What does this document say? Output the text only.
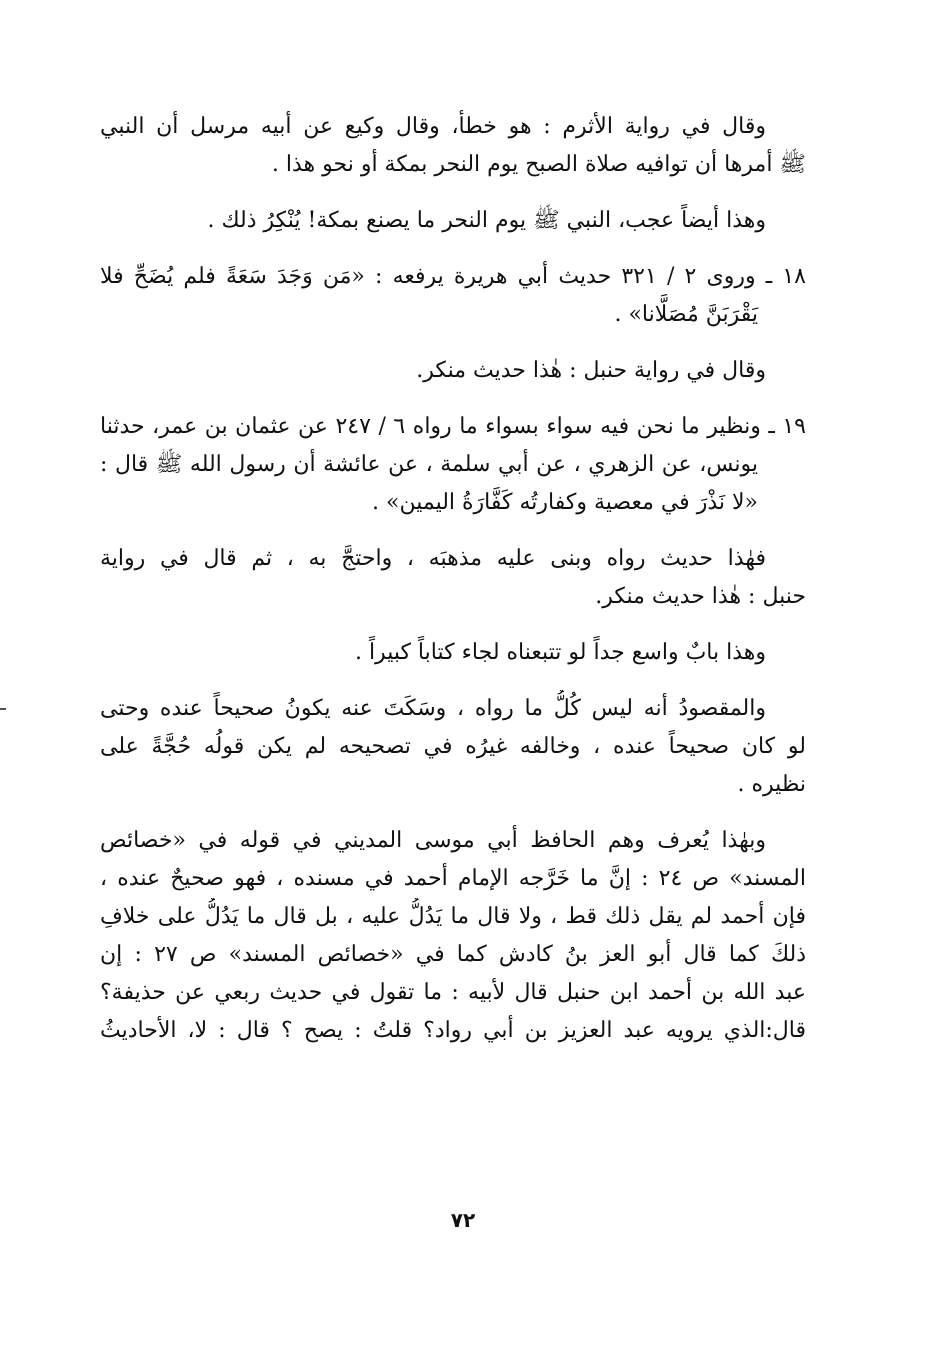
وقال في رواية الأثرم : هو خطأ، وقال وكيع عن أبيه مرسل أن النبي
ﷺ أمرها أن توافيه صلاة الصبح يوم النحر بمكة أو نحو هذا .
وهذا أيضاً عجب، النبي ﷺ يوم النحر ما يصنع بمكة! يُنْكِرُ ذلك .
١٨ ـ وروى ٢ / ٣٢١ حديث أبي هريرة يرفعه : «مَن وَجَدَ سَعَةً فلم يُضَحِّ فلا
يَقْرَبَنَّ مُصَلَّانا» .
وقال في رواية حنبل : هٰذا حديث منكر.
١٩ ـ ونظير ما نحن فيه سواء بسواء ما رواه ٦ / ٢٤٧ عن عثمان بن عمر، حدثنا
يونس، عن الزهري ، عن أبي سلمة ، عن عائشة أن رسول الله ﷺ قال :
«لا نَذْرَ في معصية وكفارتُه كَفَّارَةُ اليمين» .
فهٰذا حديث رواه وبنى عليه مذهبَه ، واحتجَّ به ، ثم قال في رواية
حنبل : هٰذا حديث منكر.
وهذا بابٌ واسع جداً لو تتبعناه لجاء كتاباً كبيراً .
والمقصودُ أنه ليس كُلُّ ما رواه ، وسَكَتَ عنه يكونُ صحيحاً عنده وحتى
لو كان صحيحاً عنده ، وخالفه غيرُه في تصحيحه لم يكن قولُه حُجَّةً على
نظيره .
وبهٰذا يُعرف وهم الحافظ أبي موسى المديني في قوله في «خصائص
المسند» ص ٢٤ : إنَّ ما خَرَّجه الإمام أحمد في مسنده ، فهو صحيحٌ عنده ،
فإن أحمد لم يقل ذلك قط ، ولا قال ما يَدُلُّ عليه ، بل قال ما يَدُلُّ على خلافِ
ذلكَ كما قال أبو العز بنُ كادش كما في «خصائص المسند» ص ٢٧ : إن
عبد الله بن أحمد ابن حنبل قال لأبيه : ما تقول في حديث ربعي عن حذيفة؟
قال:الذي يرويه عبد العزيز بن أبي رواد؟ قلتُ : يصح ؟ قال : لا، الأحاديثُ
٧٢
